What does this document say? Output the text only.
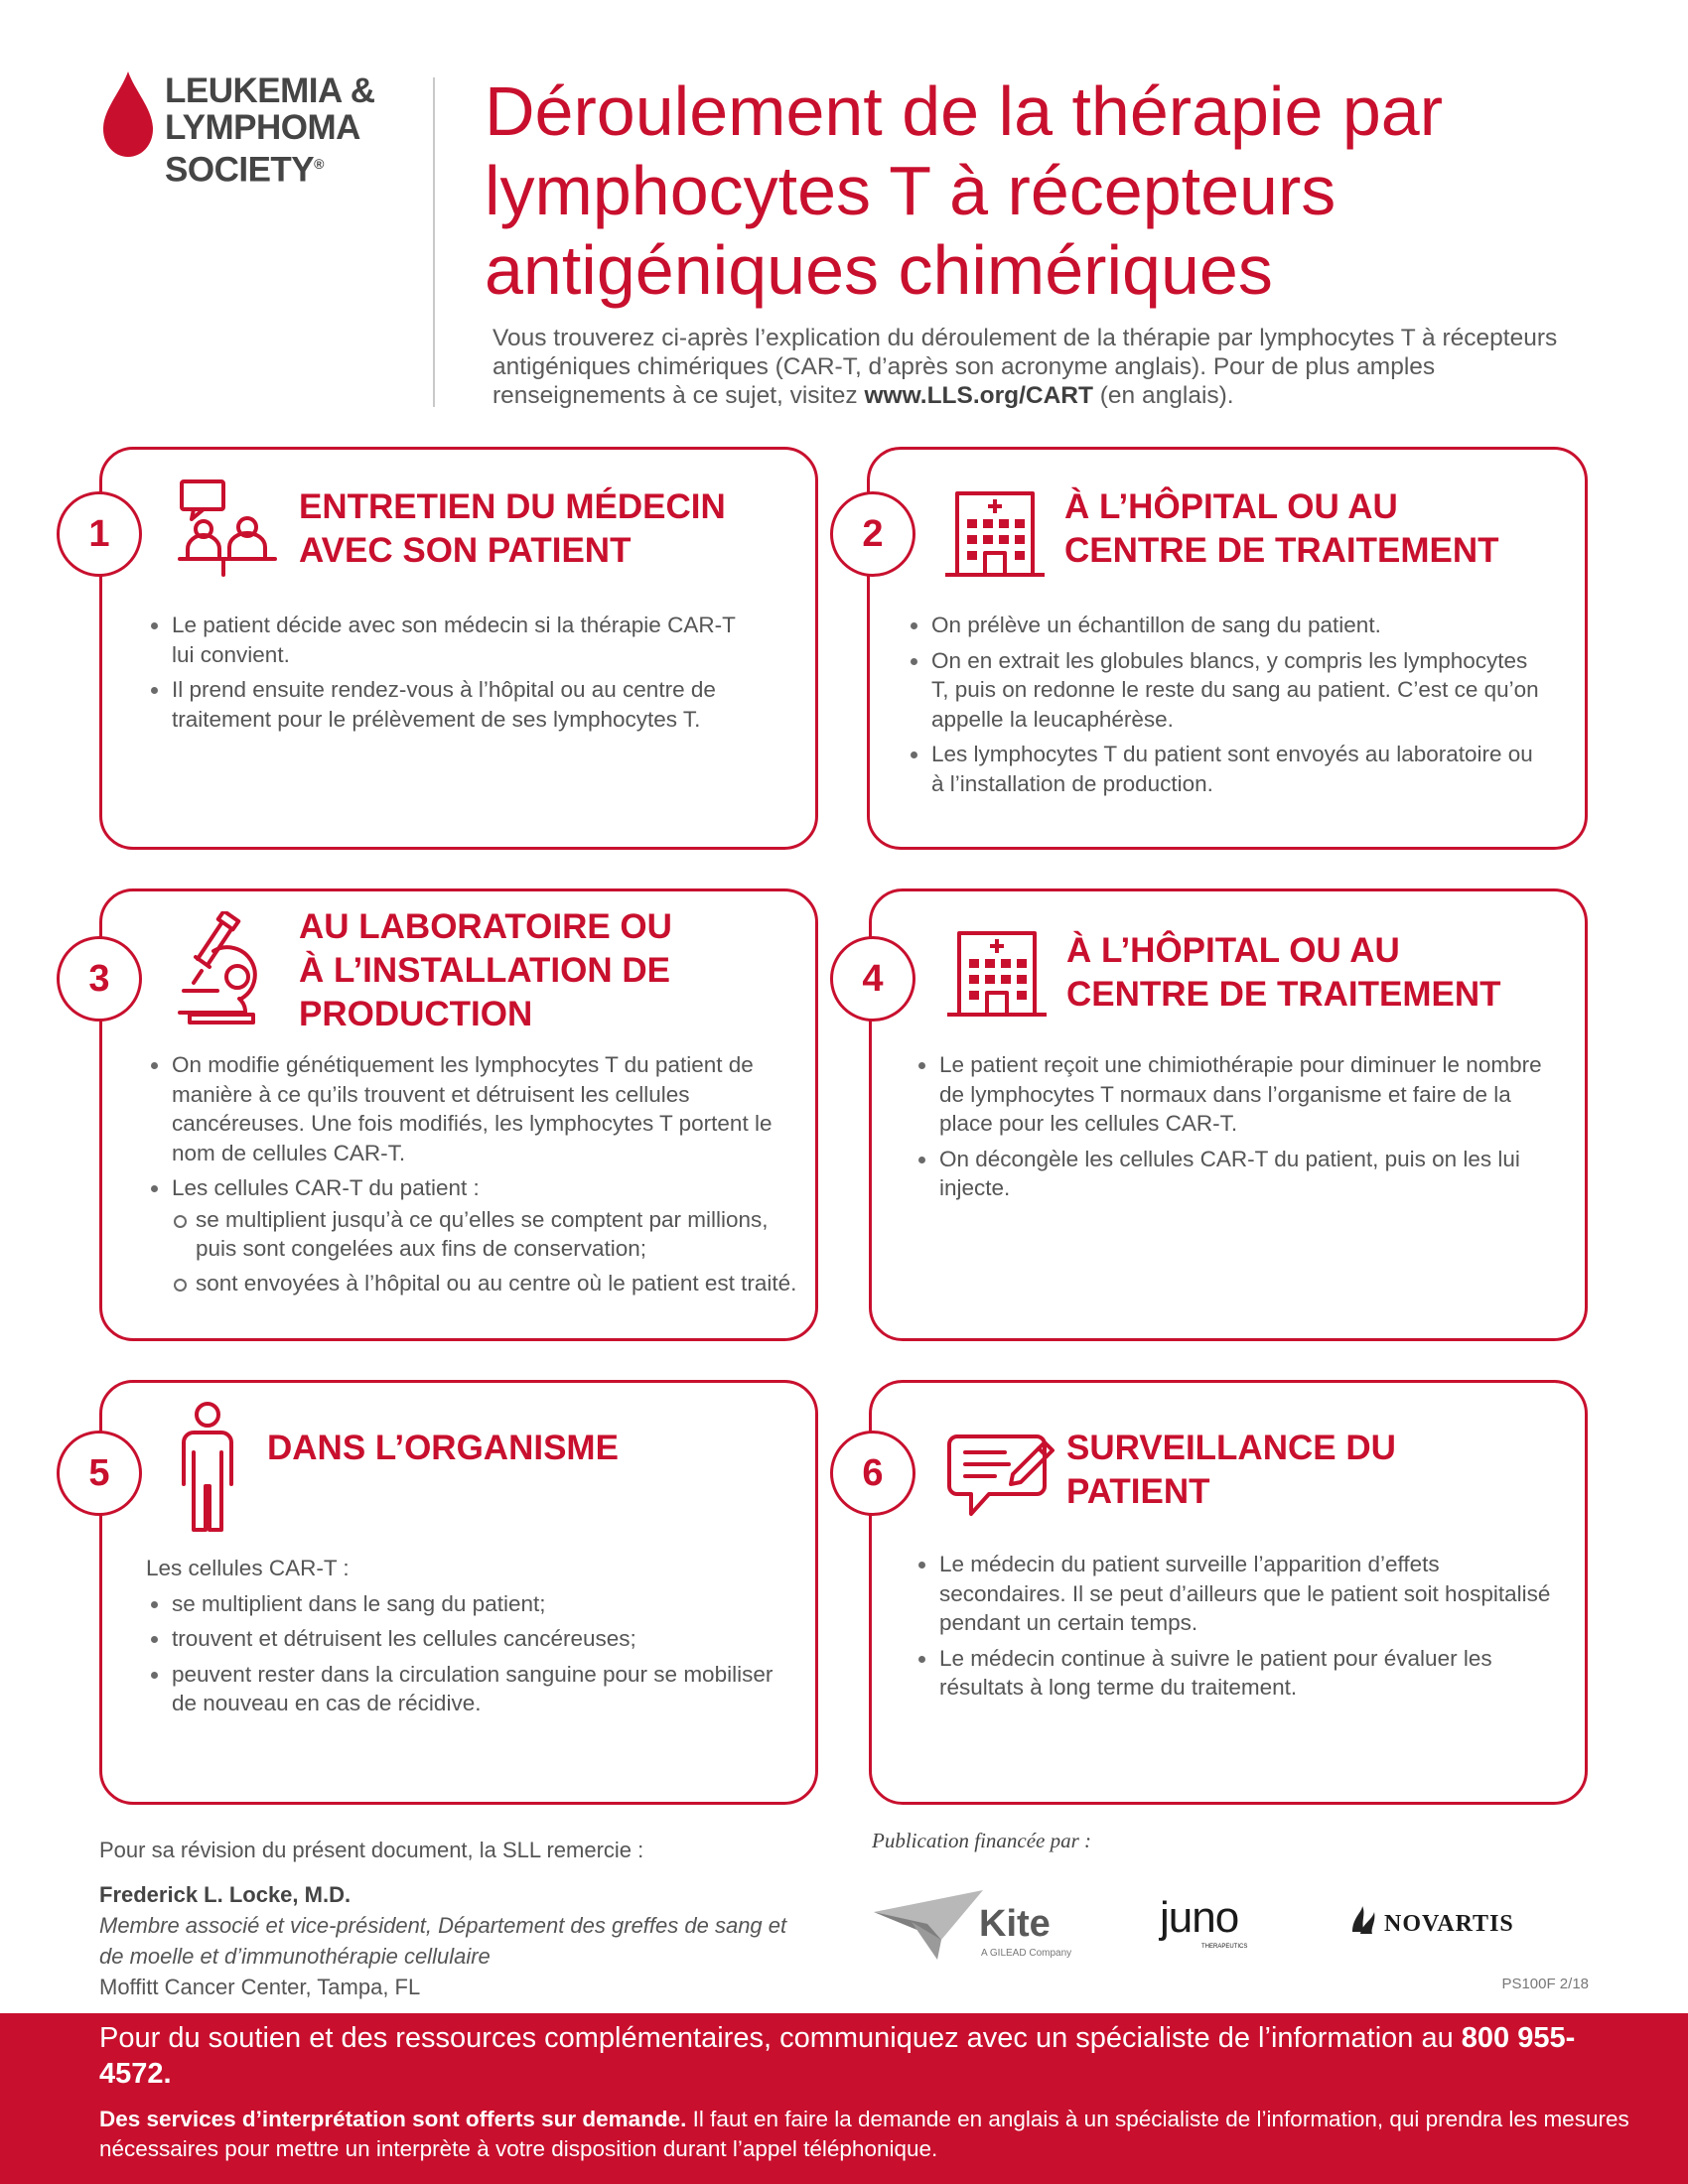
LEUKEMIA &
LYMPHOMA
SOCIETY®
Déroulement de la thérapie par lymphocytes T à récepteurs antigéniques chimériques

Vous trouverez ci-après l’explication du déroulement de la thérapie par lymphocytes T à récepteurs antigéniques chimériques (CAR-T, d’après son acronyme anglais). Pour de plus amples renseignements à ce sujet, visitez www.LLS.org/CART (en anglais).

ENTRETIEN DU MÉDECIN
AVEC SON PATIENT
Le patient décide avec son médecin si la thérapie CAR-T lui convient.
Il prend ensuite rendez-vous à l’hôpital ou au centre de traitement pour le prélèvement de ses lymphocytes T.
1
À L’HÔPITAL OU AU
CENTRE DE TRAITEMENT
On prélève un échantillon de sang du patient.
On en extrait les globules blancs, y compris les lymphocytes T, puis on redonne le reste du sang au patient. C’est ce qu’on appelle la leucaphérèse.
Les lymphocytes T du patient sont envoyés au laboratoire ou à l’installation de production.
2
AU LABORATOIRE OU
À L’INSTALLATION DE
PRODUCTION
On modifie génétiquement les lymphocytes T du patient de manière à ce qu’ils trouvent et détruisent les cellules cancéreuses. Une fois modifiés, les lymphocytes T portent le nom de cellules CAR-T.
Les cellules CAR-T du patient :
se multiplient jusqu’à ce qu’elles se comptent par millions, puis sont congelées aux fins de conservation;
sont envoyées à l’hôpital ou au centre où le patient est traité.
3
À L’HÔPITAL OU AU
CENTRE DE TRAITEMENT
Le patient reçoit une chimiothérapie pour diminuer le nombre de lymphocytes T normaux dans l’organisme et faire de la place pour les cellules CAR-T.
On décongèle les cellules CAR-T du patient, puis on les lui injecte.
4
DANS L’ORGANISME

Les cellules CAR-T :

se multiplient dans le sang du patient;
trouvent et détruisent les cellules cancéreuses;
peuvent rester dans la circulation sanguine pour se mobiliser de nouveau en cas de récidive.
5
SURVEILLANCE DU
PATIENT
Le médecin du patient surveille l’apparition d’effets secondaires. Il se peut d’ailleurs que le patient soit hospitalisé pendant un certain temps.
Le médecin continue à suivre le patient pour évaluer les résultats à long terme du traitement.
6

Pour sa révision du présent document, la SLL remercie :

Frederick L. Locke, M.D.

Membre associé et vice-président, Département des greffes de sang et de moelle et d’immunothérapie cellulaire

Moffitt Cancer Center, Tampa, FL

Publication financée par :
Kite
A GILEAD Company
juno
THERAPEUTICS
NOVARTIS
PS100F 2/18

Pour du soutien et des ressources complémentaires, communiquez avec un spécialiste de l’information au 800 955-4572.

Des services d’interprétation sont offerts sur demande. Il faut en faire la demande en anglais à un spécialiste de l’information, qui prendra les mesures nécessaires pour mettre un interprète à votre disposition durant l’appel téléphonique.
